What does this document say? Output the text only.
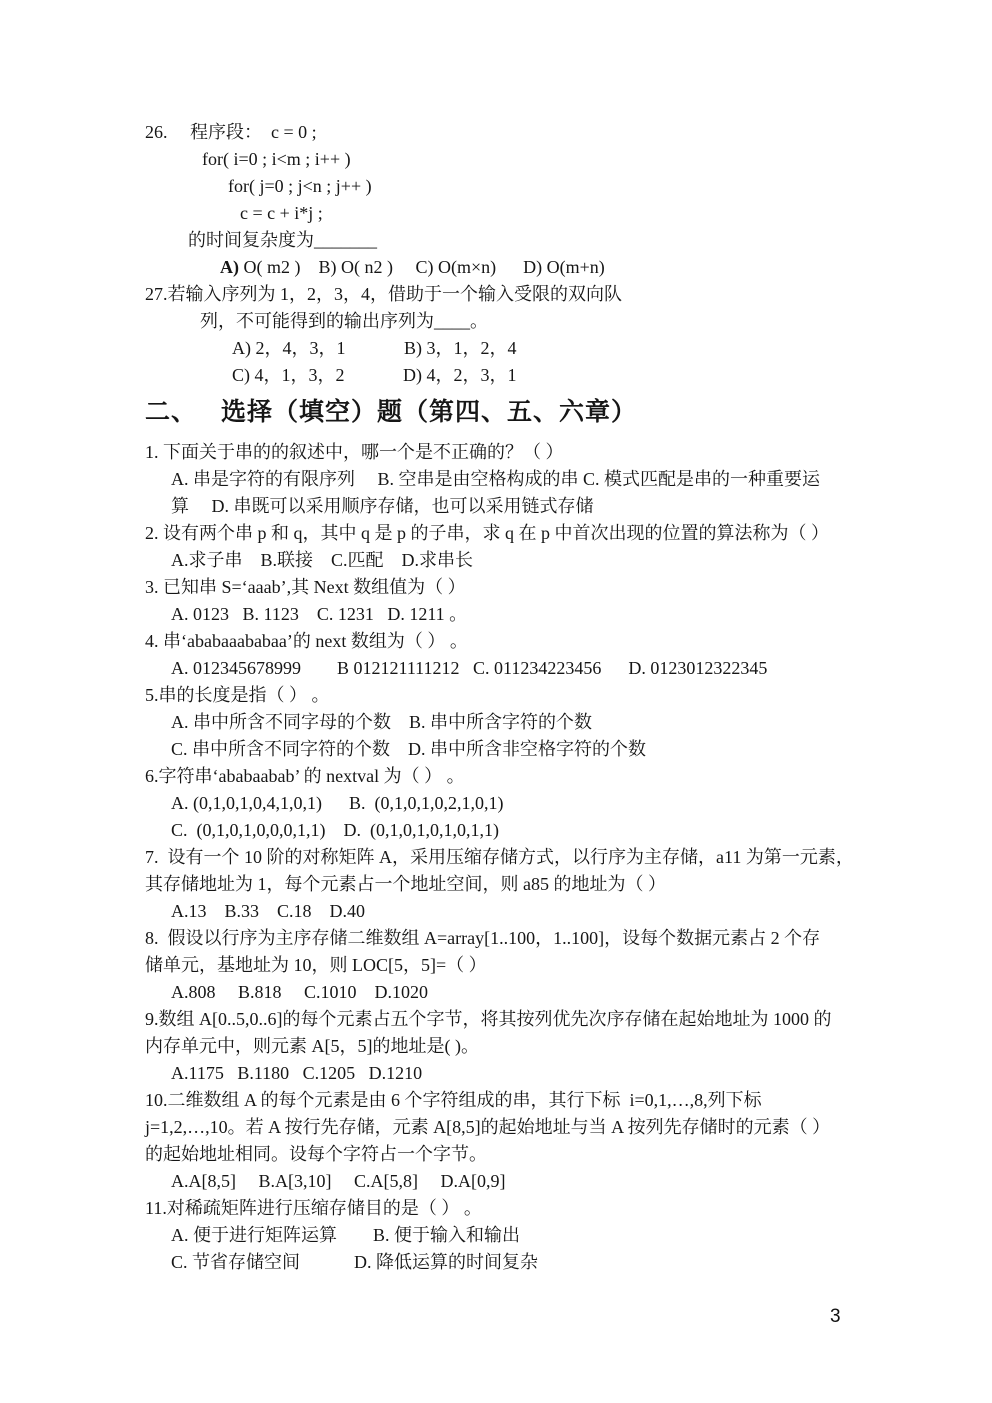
26.     程序段：  c = 0 ;
for( i=0 ; i<m ; i++ )
for( j=0 ; j<n ; j++ )
c = c + i*j ;
的时间复杂度为_______
A) O( m2 )    B) O( n2 )     C) O(m×n)      D) O(m+n)
27.若输入序列为 1，2，3，4，借助于一个输入受限的双向队
列，不可能得到的输出序列为____。
A) 2，4，3，1             B) 3，1，2，4
C) 4，1，3，2             D) 4，2，3，1
二、 选择（填空）题（第四、五、六章）
1. 下面关于串的的叙述中，哪一个是不正确的？（ ）
A. 串是字符的有限序列     B. 空串是由空格构成的串 C. 模式匹配是串的一种重要运
算     D. 串既可以采用顺序存储，也可以采用链式存储
2. 设有两个串 p 和 q，其中 q 是 p 的子串，求 q 在 p 中首次出现的位置的算法称为（ ）
A.求子串    B.联接    C.匹配    D.求串长
3. 已知串 S=‘aaab’,其 Next 数组值为（ ）
A. 0123   B. 1123    C. 1231   D. 1211 。
4. 串‘ababaaababaa’的 next 数组为（ ） 。
A. 012345678999        B 012121111212   C. 011234223456      D. 0123012322345
5.串的长度是指（ ） 。
A. 串中所含不同字母的个数    B. 串中所含字符的个数
C. 串中所含不同字符的个数    D. 串中所含非空格字符的个数
6.字符串‘ababaabab’ 的 nextval 为（ ） 。
A. (0,1,0,1,0,4,1,0,1)      B.  (0,1,0,1,0,2,1,0,1)
C.  (0,1,0,1,0,0,0,1,1)    D.  (0,1,0,1,0,1,0,1,1)
7.  设有一个 10 阶的对称矩阵 A，采用压缩存储方式，以行序为主存储，a11 为第一元素，
其存储地址为 1，每个元素占一个地址空间，则 a85 的地址为（ ）
A.13    B.33    C.18    D.40
8.  假设以行序为主序存储二维数组 A=array[1..100，1..100]，设每个数据元素占 2 个存
储单元，基地址为 10，则 LOC[5，5]=（ ）
A.808     B.818     C.1010    D.1020
9.数组 A[0..5,0..6]的每个元素占五个字节，将其按列优先次序存储在起始地址为 1000 的
内存单元中，则元素 A[5，5]的地址是( )。
A.1175   B.1180   C.1205   D.1210
10.二维数组 A 的每个元素是由 6 个字符组成的串，其行下标  i=0,1,…,8,列下标
j=1,2,…,10。若 A 按行先存储，元素 A[8,5]的起始地址与当 A 按列先存储时的元素（ ）
的起始地址相同。设每个字符占一个字节。
A.A[8,5]     B.A[3,10]     C.A[5,8]     D.A[0,9]
11.对稀疏矩阵进行压缩存储目的是（ ） 。
A. 便于进行矩阵运算        B. 便于输入和输出
C. 节省存储空间            D. 降低运算的时间复杂
3
